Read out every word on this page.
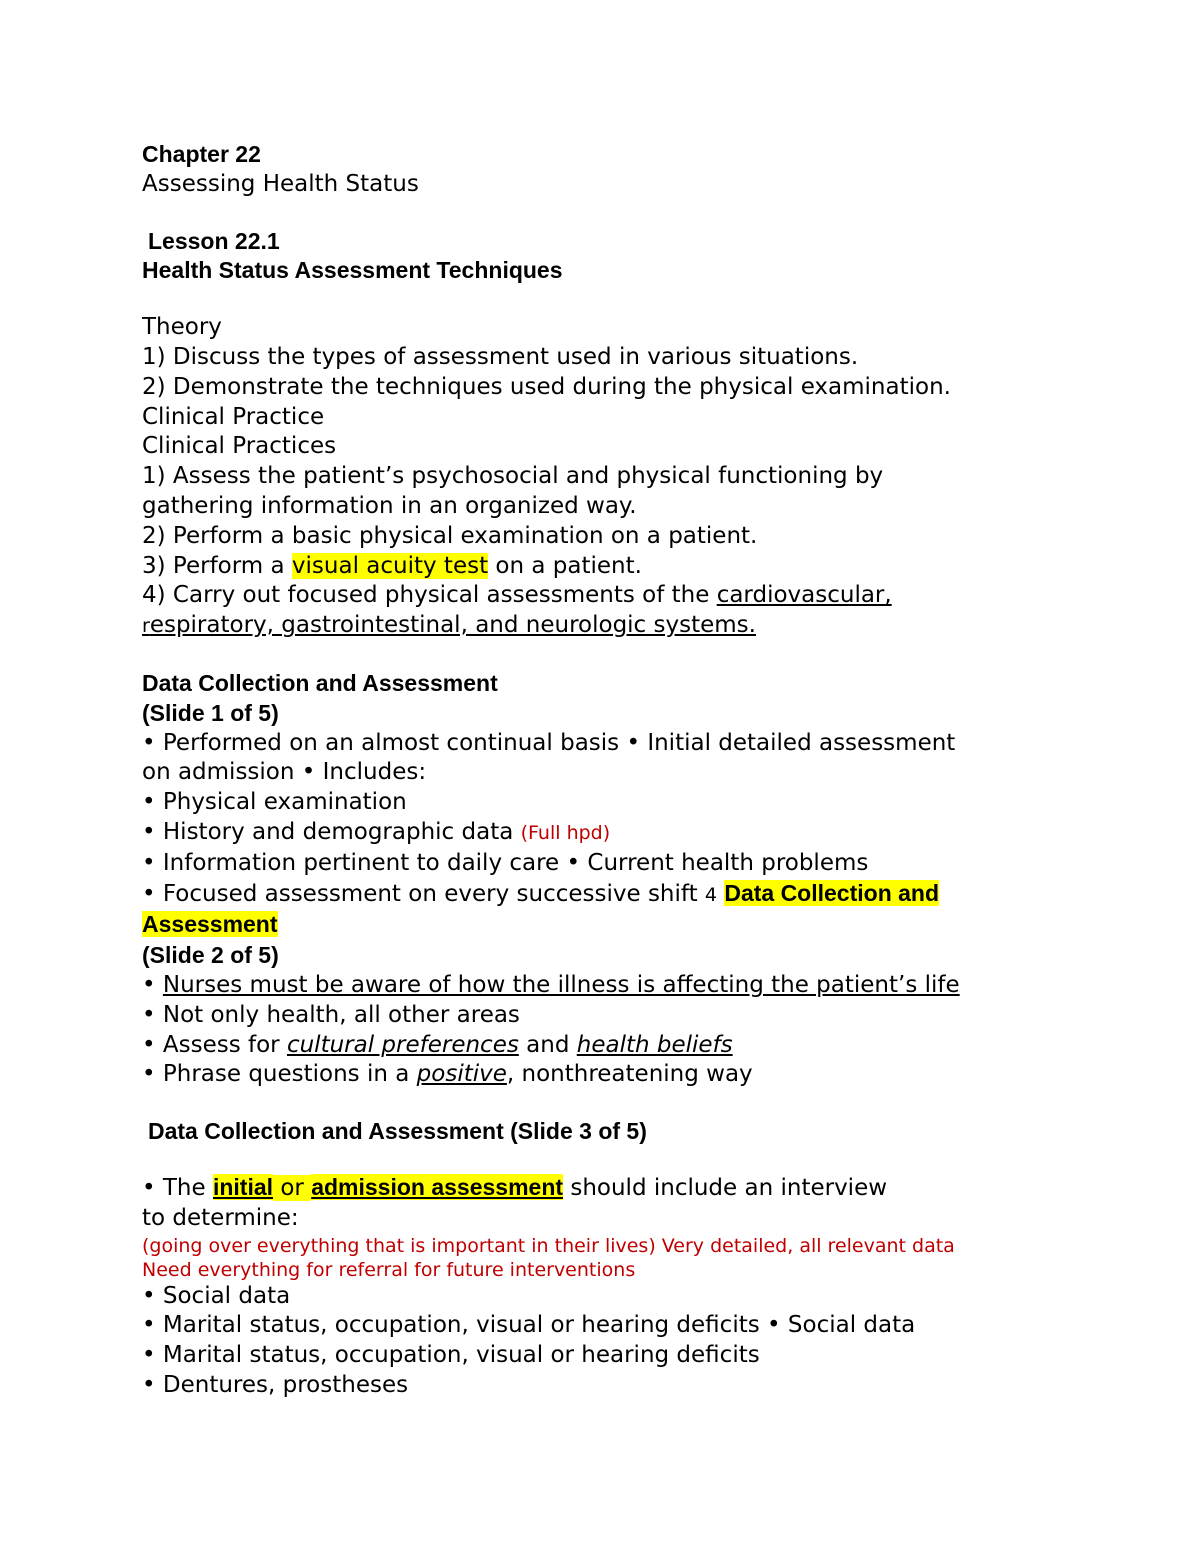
Chapter 22
Assessing Health Status
Lesson 22.1
Health Status Assessment Techniques
Theory
1) Discuss the types of assessment used in various situations.
2) Demonstrate the techniques used during the physical examination.
Clinical Practice
Clinical Practices
1) Assess the patient’s psychosocial and physical functioning by
gathering information in an organized way.
2) Perform a basic physical examination on a patient.
3) Perform a visual acuity test on a patient.
4) Carry out focused physical assessments of the cardiovascular,
respiratory, gastrointestinal, and neurologic systems.
Data Collection and Assessment
(Slide 1 of 5)
• Performed on an almost continual basis • Initial detailed assessment
on admission • Includes:
• Physical examination
• History and demographic data (Full hpd)
• Information pertinent to daily care • Current health problems
• Focused assessment on every successive shift 4 Data Collection and
Assessment
(Slide 2 of 5)
• Nurses must be aware of how the illness is affecting the patient’s life
• Not only health, all other areas
• Assess for cultural preferences and health beliefs
• Phrase questions in a positive, nonthreatening way
Data Collection and Assessment (Slide 3 of 5)
• The initial or admission assessment should include an interview
to determine:
(going over everything that is important in their lives) Very detailed, all relevant data
Need everything for referral for future interventions
• Social data
• Marital status, occupation, visual or hearing deficits • Social data
• Marital status, occupation, visual or hearing deficits
• Dentures, prostheses
